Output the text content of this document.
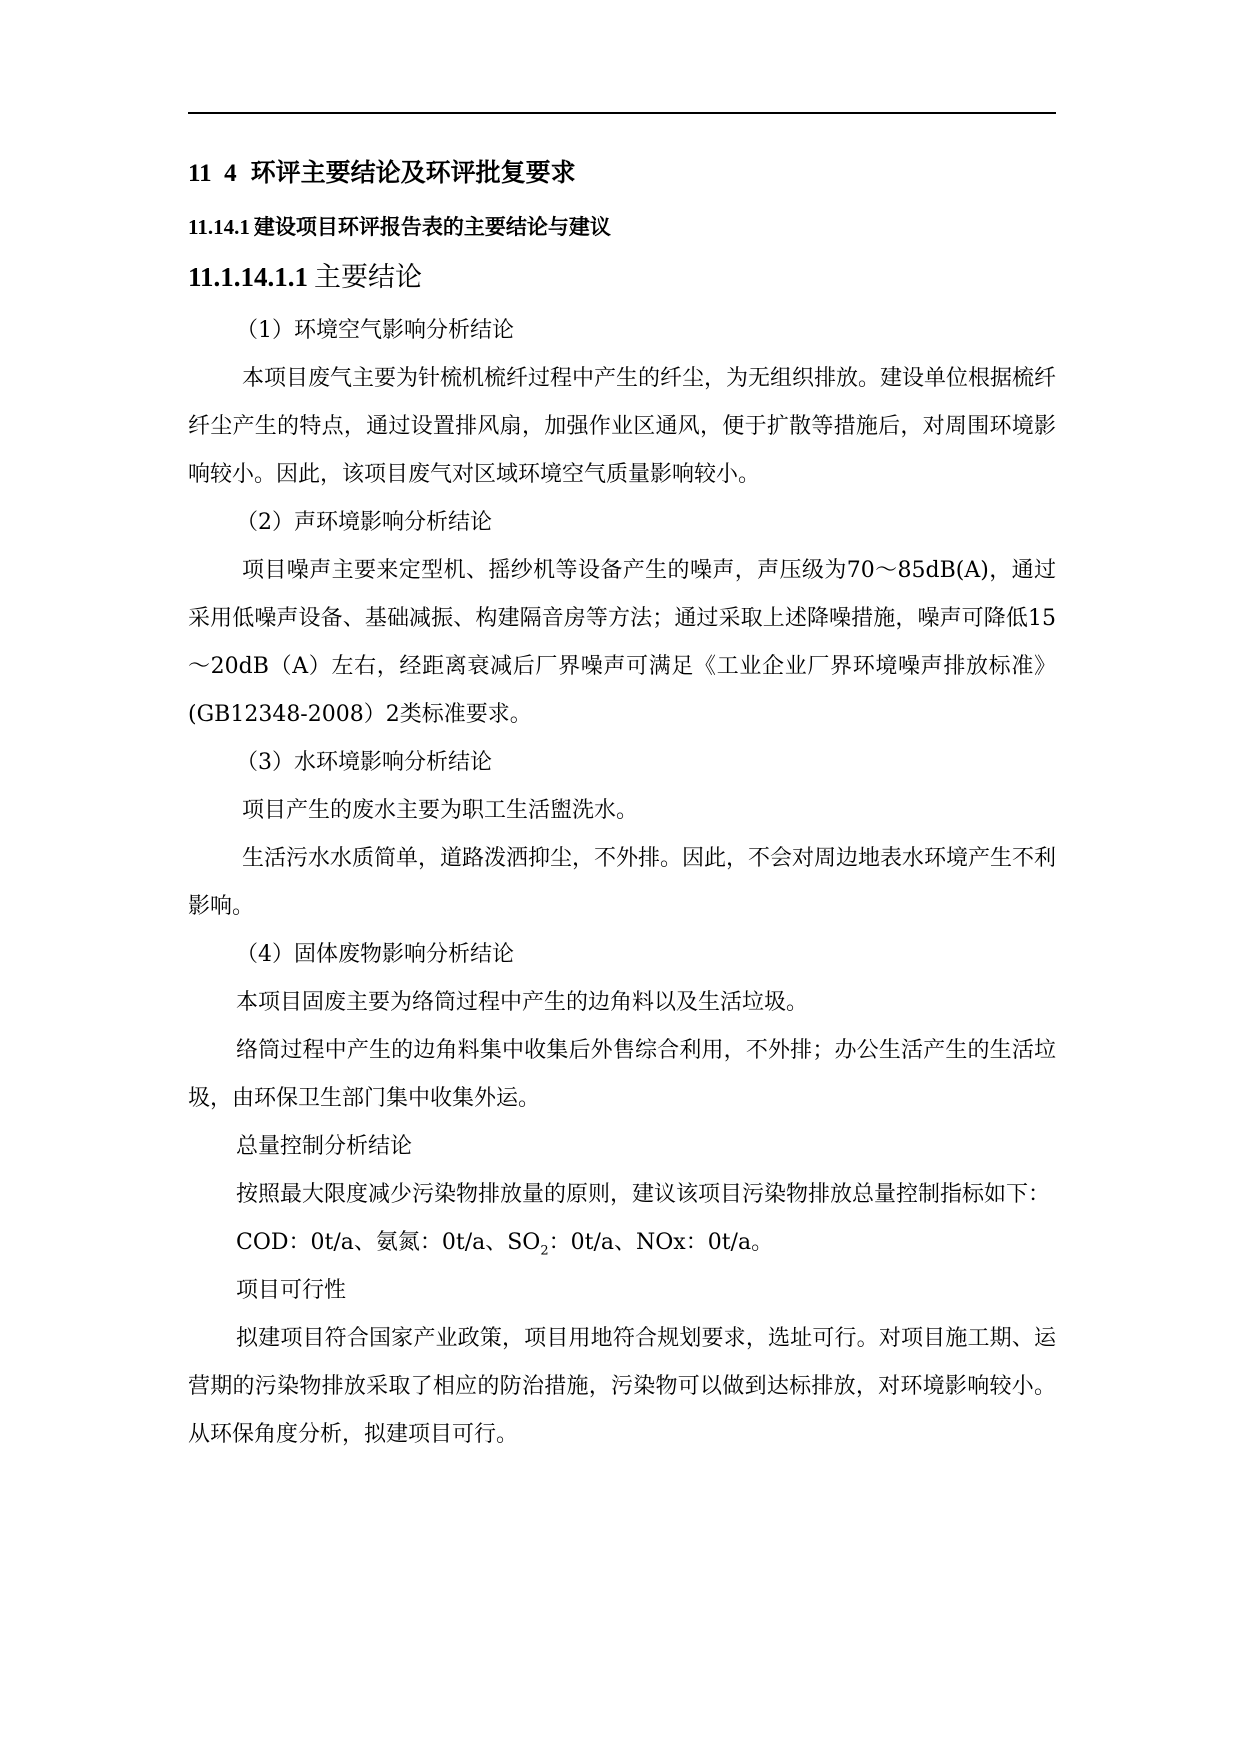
11  4 环评主要结论及环评批复要求
11.14.1 建设项目环评报告表的主要结论与建议
11.1.14.1.1 主要结论

（1）环境空气影响分析结论

本项目废气主要为针梳机梳纤过程中产生的纤尘，为无组织排放。建设单位根据梳纤纤尘产生的特点，通过设置排风扇，加强作业区通风，便于扩散等措施后，对周围环境影响较小。因此，该项目废气对区域环境空气质量影响较小。

（2）声环境影响分析结论

项目噪声主要来定型机、摇纱机等设备产生的噪声，声压级为70～85dB(A)，通过采用低噪声设备、基础减振、构建隔音房等方法；通过采取上述降噪措施，噪声可降低15～20dB（A）左右，经距离衰减后厂界噪声可满足《工业企业厂界环境噪声排放标准》(GB12348-2008）2类标准要求。

（3）水环境影响分析结论

项目产生的废水主要为职工生活盥洗水。

生活污水水质简单，道路泼洒抑尘，不外排。因此，不会对周边地表水环境产生不利影响。

（4）固体废物影响分析结论

本项目固废主要为络筒过程中产生的边角料以及生活垃圾。

络筒过程中产生的边角料集中收集后外售综合利用，不外排；办公生活产生的生活垃圾，由环保卫生部门集中收集外运。

总量控制分析结论

按照最大限度减少污染物排放量的原则，建议该项目污染物排放总量控制指标如下：

COD：0t/a、氨氮：0t/a、$SO_2$：0t/a、NOx：0t/a。

项目可行性

拟建项目符合国家产业政策，项目用地符合规划要求，选址可行。对项目施工期、运营期的污染物排放采取了相应的防治措施，污染物可以做到达标排放，对环境影响较小。从环保角度分析，拟建项目可行。
